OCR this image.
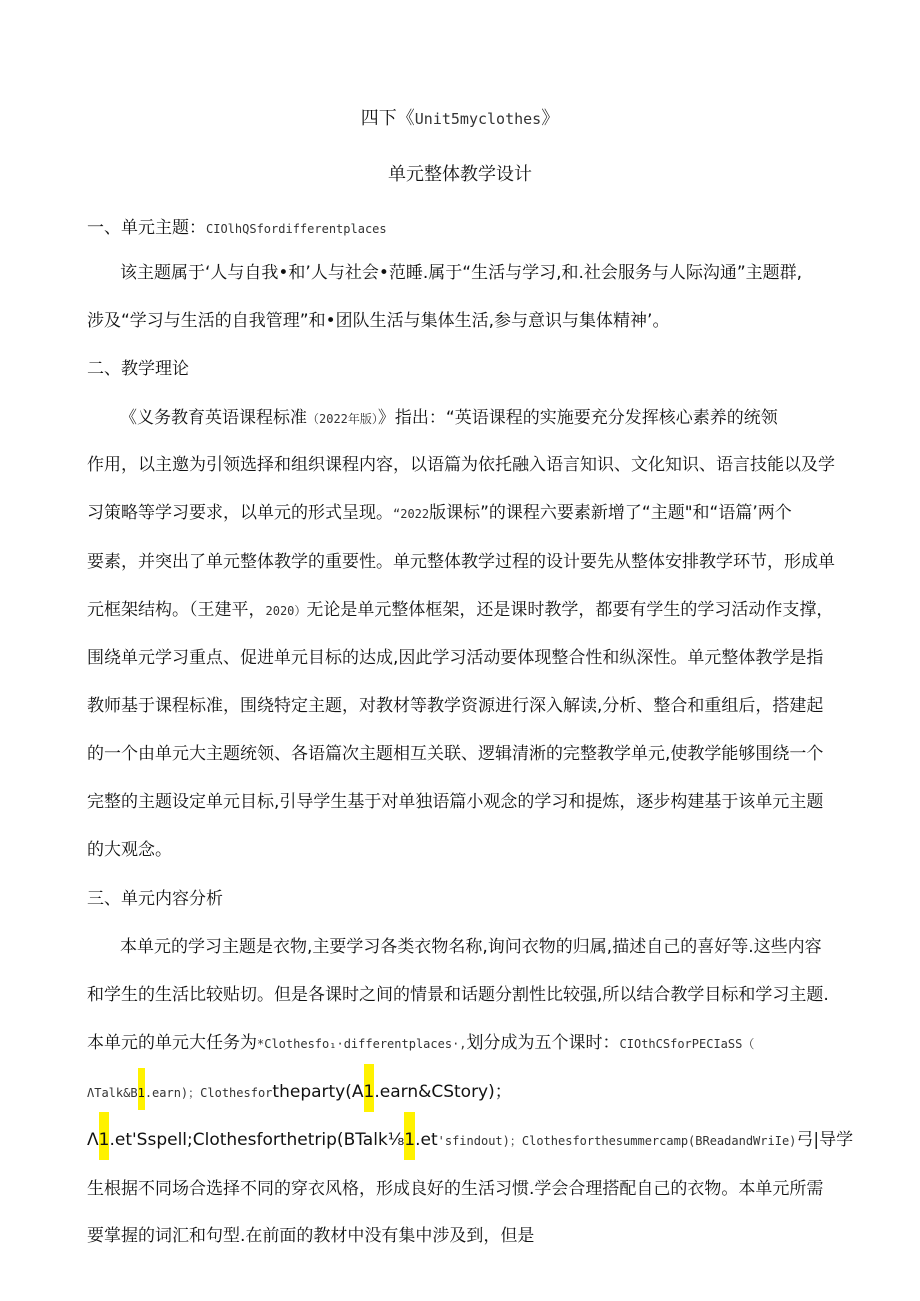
四下《Unit5myclothes》
单元整体教学设计
一、单元主题：CIOlhQSfordifferentplaces
该主题属于‘人与自我•和’人与社会•范睡.属于“生活与学习,和.社会服务与人际沟通”主题群,
涉及“学习与生活的自我管理”和•团队生活与集体生活,参与意识与集体精神’。
二、教学理论
《义务教育英语课程标准（2022年版）》指出：“英语课程的实施要充分发挥核心素养的统领
作用，以主邀为引领选择和组织课程内容，以语篇为依托融入语言知识、文化知识、语言技能以及学
习策略等学习要求，以单元的形式呈现。“2022版课标”的课程六要素新增了“主题"和“语篇’两个
要素，并突出了单元整体教学的重要性。单元整体教学过程的设计要先从整体安排教学环节，形成单
元框架结构。（王建平，2020）无论是单元整体框架，还是课时教学，都要有学生的学习活动作支撑，
围绕单元学习重点、促进单元目标的达成,因此学习活动要体现整合性和纵深性。单元整体教学是指
教师基于课程标准，围绕特定主题，对教材等教学资源进行深入解读,分析、整合和重组后，搭建起
的一个由单元大主题统领、各语篇次主题相互关联、逻辑清淅的完整教学单元,使教学能够围绕一个
完整的主题设定单元目标,引导学生基于对单独语篇小观念的学习和提炼，逐步构建基于该单元主题
的大观念。
三、单元内容分析
本单元的学习主题是衣物,主要学习各类衣物名称,询问衣物的归属,描述自己的喜好等.这些内容
和学生的生活比较贴切。但是各课时之间的情景和话题分割性比较强,所以结合教学目标和学习主题.
本单元的单元大任务为*Clothesfo₁·differentplaces·,划分成为五个课时：CIOthCSforPECIaSS（
ΛTalk&B1.earn)；Clothesfortheparty(A1.earn&CStory)；
Λ1.et'Sspell;Clothesforthetrip(BTalk⅛1.et'sfindout)；Clothesforthesummercamp(BReadandWriIe)弓|导学
生根据不同场合选择不同的穿衣风格，形成良好的生活习惯.学会合理搭配自己的衣物。本单元所需
要掌握的词汇和句型.在前面的教材中没有集中涉及到，但是
